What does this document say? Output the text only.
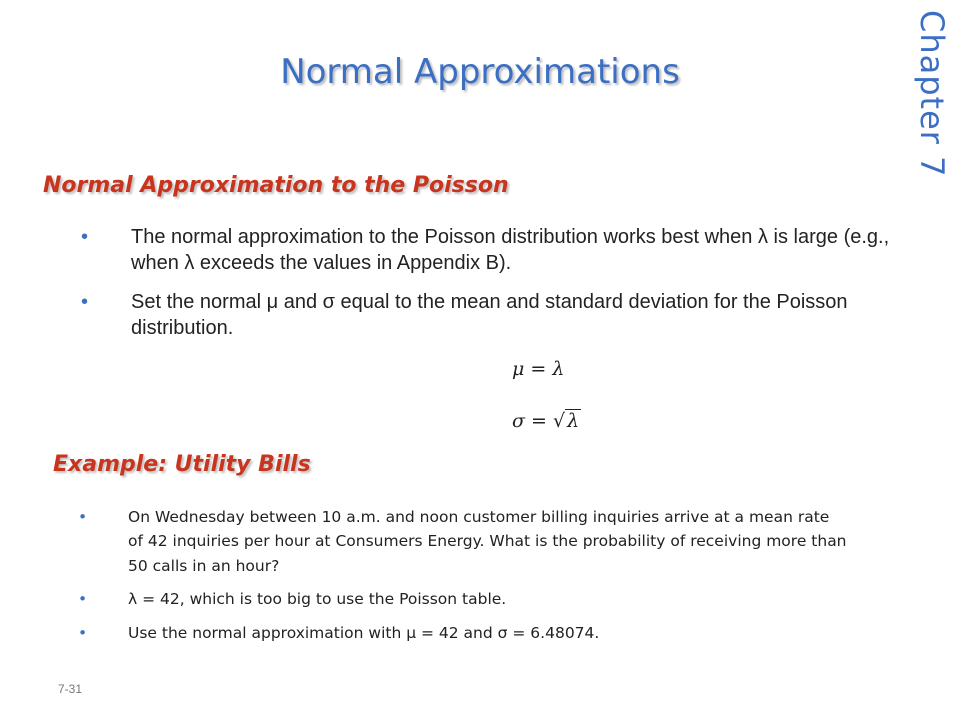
Normal Approximations	Chapter 7
Normal Approximation to the Poisson
• The normal approximation to the Poisson distribution works best when λ is large (e.g., when λ exceeds the values in Appendix B).
• Set the normal μ and σ equal to the mean and standard deviation for the Poisson distribution.
μ = λ
σ = √ λ
Example: Utility Bills
•	On Wednesday between 10 a.m. and noon customer billing inquiries arrive at a mean rate of 42 inquiries per hour at Consumers Energy. What is the probability of receiving more than 50 calls in an hour?
•	λ = 42, which is too big to use the Poisson table.
•	Use the normal approximation with μ = 42 and σ = 6.48074.
7-31
